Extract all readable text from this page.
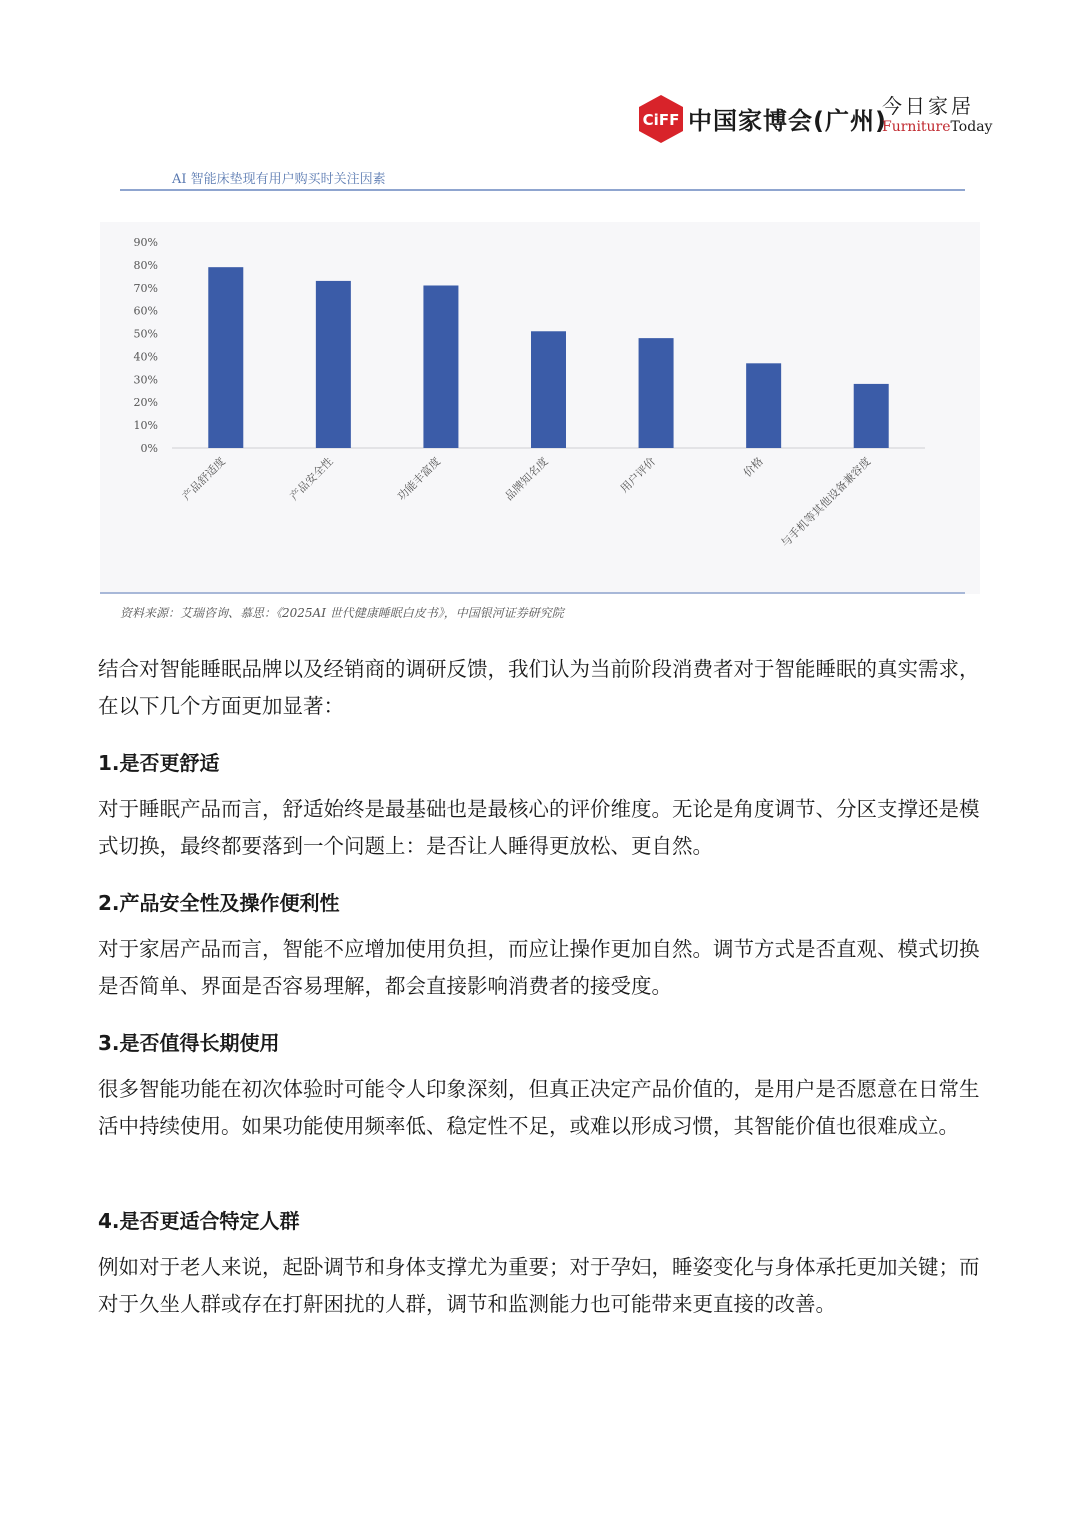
CiFF 中国家博会(广州)
今日家居
FurnitureToday
AI 智能床垫现有用户购买时关注因素
0%
10%
20%
30%
40%
50%
60%
70%
80%
90%
产品舒适度	产品安全性	功能丰富度	品牌知名度	用户评价	价格 与手机等其他设备兼容度
资料来源：艾瑞咨询、慕思：《2025AI 世代健康睡眠白皮书》，中国银河证券研究院

结合对智能睡眠品牌以及经销商的调研反馈，我们认为当前阶段消费者对于智能睡眠的真实需求，在以下几个方面更加显著：

1.是否更舒适

对于睡眠产品而言，舒适始终是最基础也是最核心的评价维度。无论是角度调节、分区支撑还是模式切换，最终都要落到一个问题上：是否让人睡得更放松、更自然。

2.产品安全性及操作便利性

对于家居产品而言，智能不应增加使用负担，而应让操作更加自然。调节方式是否直观、模式切换是否简单、界面是否容易理解，都会直接影响消费者的接受度。

3.是否值得长期使用

很多智能功能在初次体验时可能令人印象深刻，但真正决定产品价值的，是用户是否愿意在日常生活中持续使用。如果功能使用频率低、稳定性不足，或难以形成习惯，其智能价值也很难成立。

4.是否更适合特定人群

例如对于老人来说，起卧调节和身体支撑尤为重要；对于孕妇，睡姿变化与身体承托更加关键；而对于久坐人群或存在打鼾困扰的人群，调节和监测能力也可能带来更直接的改善。
